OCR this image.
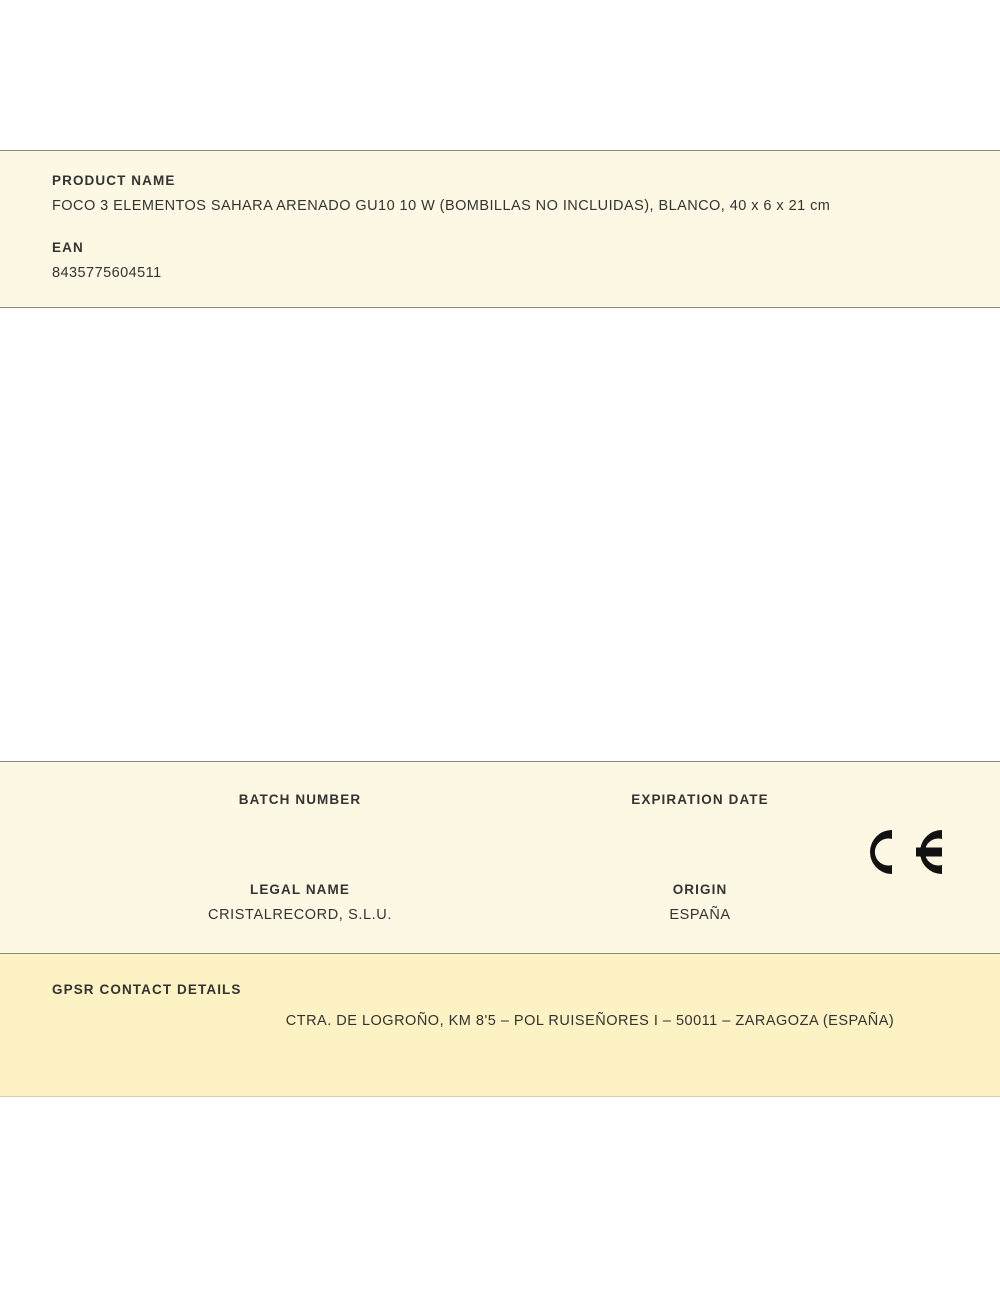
PRODUCT NAME

FOCO 3 ELEMENTOS SAHARA ARENADO GU10 10 W (BOMBILLAS NO INCLUIDAS), BLANCO, 40 x 6 x 21 cm

EAN

8435775604511

BATCH NUMBER	EXPIRATION DATE

LEGAL NAME

CRISTALRECORD, S.L.U.

ORIGIN

ESPAÑA

GPSR CONTACT DETAILS

CTRA. DE LOGROÑO, KM 8'5 – POL RUISEÑORES I – 50011 – ZARAGOZA (ESPAÑA)
